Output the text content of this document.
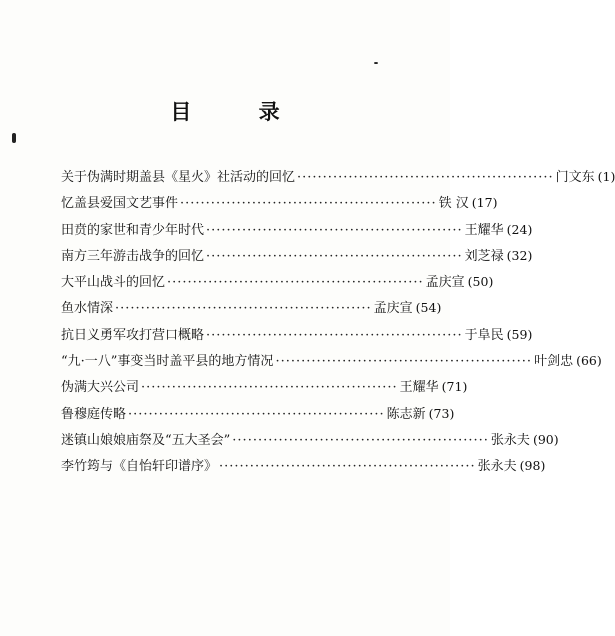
目 录
关于伪满时期盖县《星火》社活动的回忆 ·················································· 门文东 (1)
忆盖县爱国文艺事件 ·················································· 铁 汉 (17)
田贲的家世和青少年时代 ·················································· 王耀华 (24)
南方三年游击战争的回忆 ·················································· 刘芝禄 (32)
大平山战斗的回忆 ·················································· 孟庆宣 (50)
鱼水情深 ·················································· 孟庆宣 (54)
抗日义勇军攻打营口概略 ·················································· 于阜民 (59)
“九·一八”事变当时盖平县的地方情况 ·················································· 叶剑忠 (66)
伪满大兴公司 ·················································· 王耀华 (71)
鲁穆庭传略 ·················································· 陈志新 (73)
迷镇山娘娘庙祭及“五大圣会” ·················································· 张永夫 (90)
李竹筠与《自怡轩印谱序》 ·················································· 张永夫 (98)
